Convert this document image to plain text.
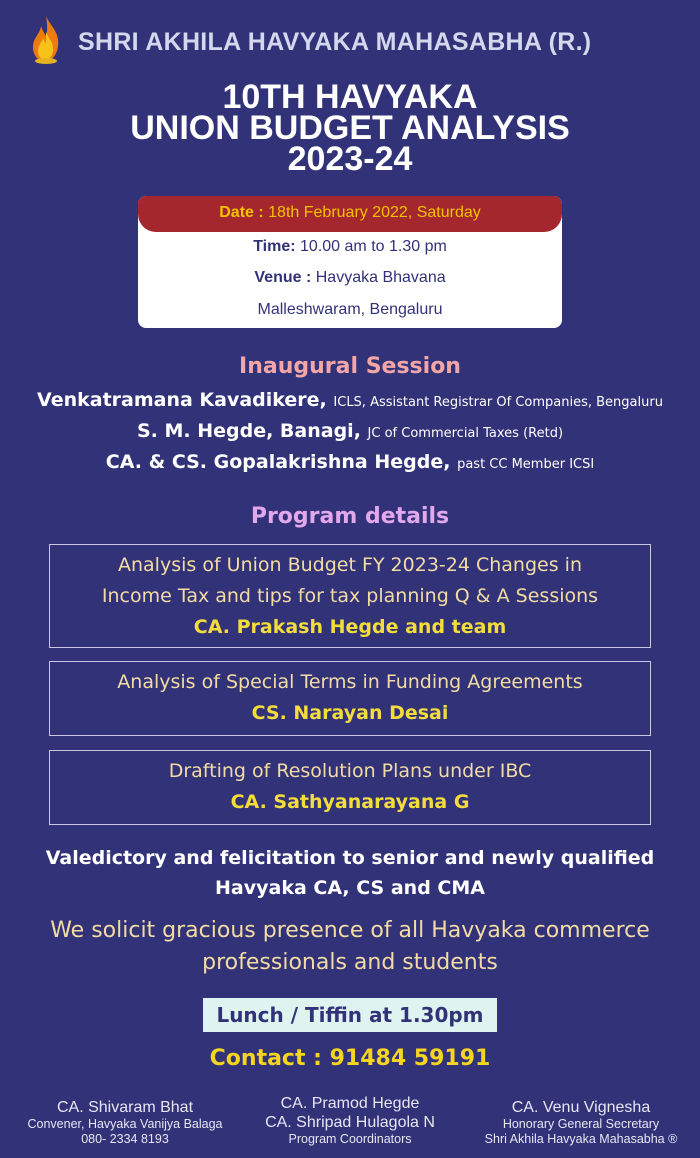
SHRI AKHILA HAVYAKA MAHASABHA (R.)
10TH HAVYAKA
UNION BUDGET ANALYSIS
2023-24
Date : 18th February 2022, Saturday
Time: 10.00 am to 1.30 pm
Venue : Havyaka Bhavana
Malleshwaram, Bengaluru
Inaugural Session
Venkatramana Kavadikere, ICLS, Assistant Registrar Of Companies, Bengaluru
S. M. Hegde, Banagi, JC of Commercial Taxes (Retd)
CA. & CS. Gopalakrishna Hegde, past CC Member ICSI
Program details
Analysis of Union Budget FY 2023-24 Changes in
Income Tax and tips for tax planning Q & A Sessions
CA. Prakash Hegde and team
Analysis of Special Terms in Funding Agreements
CS. Narayan Desai
Drafting of Resolution Plans under IBC
CA. Sathyanarayana G
Valedictory and felicitation to senior and newly qualified
Havyaka CA, CS and CMA
We solicit gracious presence of all Havyaka commerce
professionals and students
Lunch / Tiffin at 1.30pm
Contact : 91484 59191
CA. Shivaram Bhat
Convener, Havyaka Vanijya Balaga
080- 2334 8193
CA. Pramod Hegde
CA. Shripad Hulagola N
Program Coordinators
CA. Venu Vignesha
Honorary General Secretary
Shri Akhila Havyaka Mahasabha ®
